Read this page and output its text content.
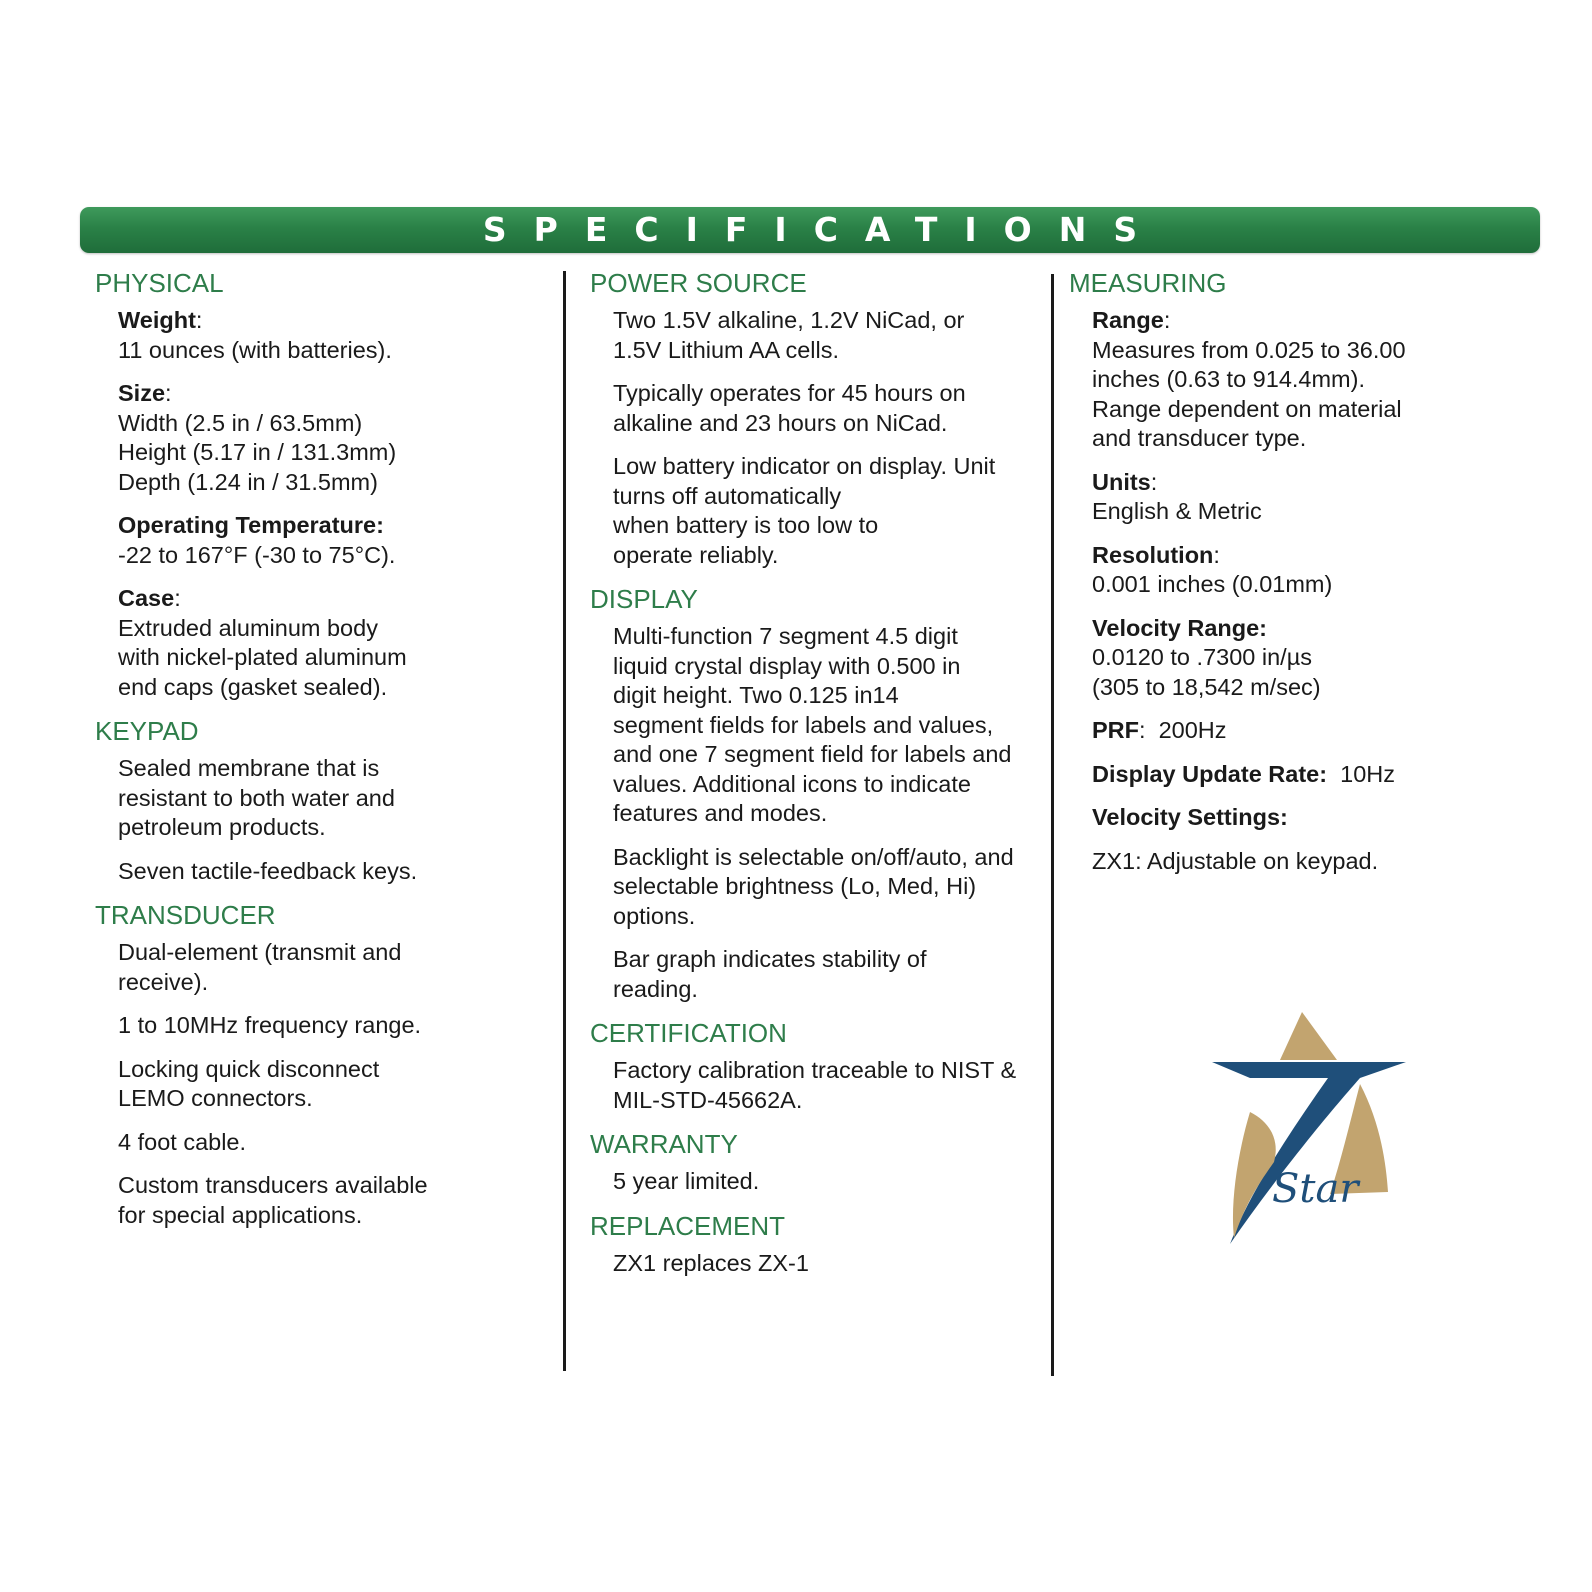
SPECIFICATIONS
PHYSICAL
Weight:
11 ounces (with batteries).
Size:
Width (2.5 in / 63.5mm)
Height (5.17 in / 131.3mm)
Depth (1.24 in / 31.5mm)
Operating Temperature:
-22 to 167°F (-30 to 75°C).
Case:
Extruded aluminum body
with nickel-plated aluminum
end caps (gasket sealed).
KEYPAD
Sealed membrane that is
resistant to both water and
petroleum products.
Seven tactile-feedback keys.
TRANSDUCER
Dual-element (transmit and
receive).
1 to 10MHz frequency range.
Locking quick disconnect
LEMO connectors.
4 foot cable.
Custom transducers available
for special applications.
POWER SOURCE
Two 1.5V alkaline, 1.2V NiCad, or
1.5V Lithium AA cells.
Typically operates for 45 hours on
alkaline and 23 hours on NiCad.
Low battery indicator on display. Unit
turns off automatically
when battery is too low to
operate reliably.
DISPLAY
Multi-function 7 segment 4.5 digit
liquid crystal display with 0.500 in
digit height. Two 0.125 in14
segment fields for labels and values,
and one 7 segment field for labels and
values. Additional icons to indicate
features and modes.
Backlight is selectable on/off/auto, and
selectable brightness (Lo, Med, Hi)
options.
Bar graph indicates stability of
reading.
CERTIFICATION
Factory calibration traceable to NIST &
MIL-STD-45662A.
WARRANTY
5 year limited.
REPLACEMENT
ZX1 replaces ZX-1
MEASURING
Range:
Measures from 0.025 to 36.00
inches (0.63 to 914.4mm).
Range dependent on material
and transducer type.
Units:
English & Metric
Resolution:
0.001 inches (0.01mm)
Velocity Range:
0.0120 to .7300 in/µs
(305 to 18,542 m/sec)
PRF:  200Hz
Display Update Rate:  10Hz
Velocity Settings:
ZX1: Adjustable on keypad.
Star
